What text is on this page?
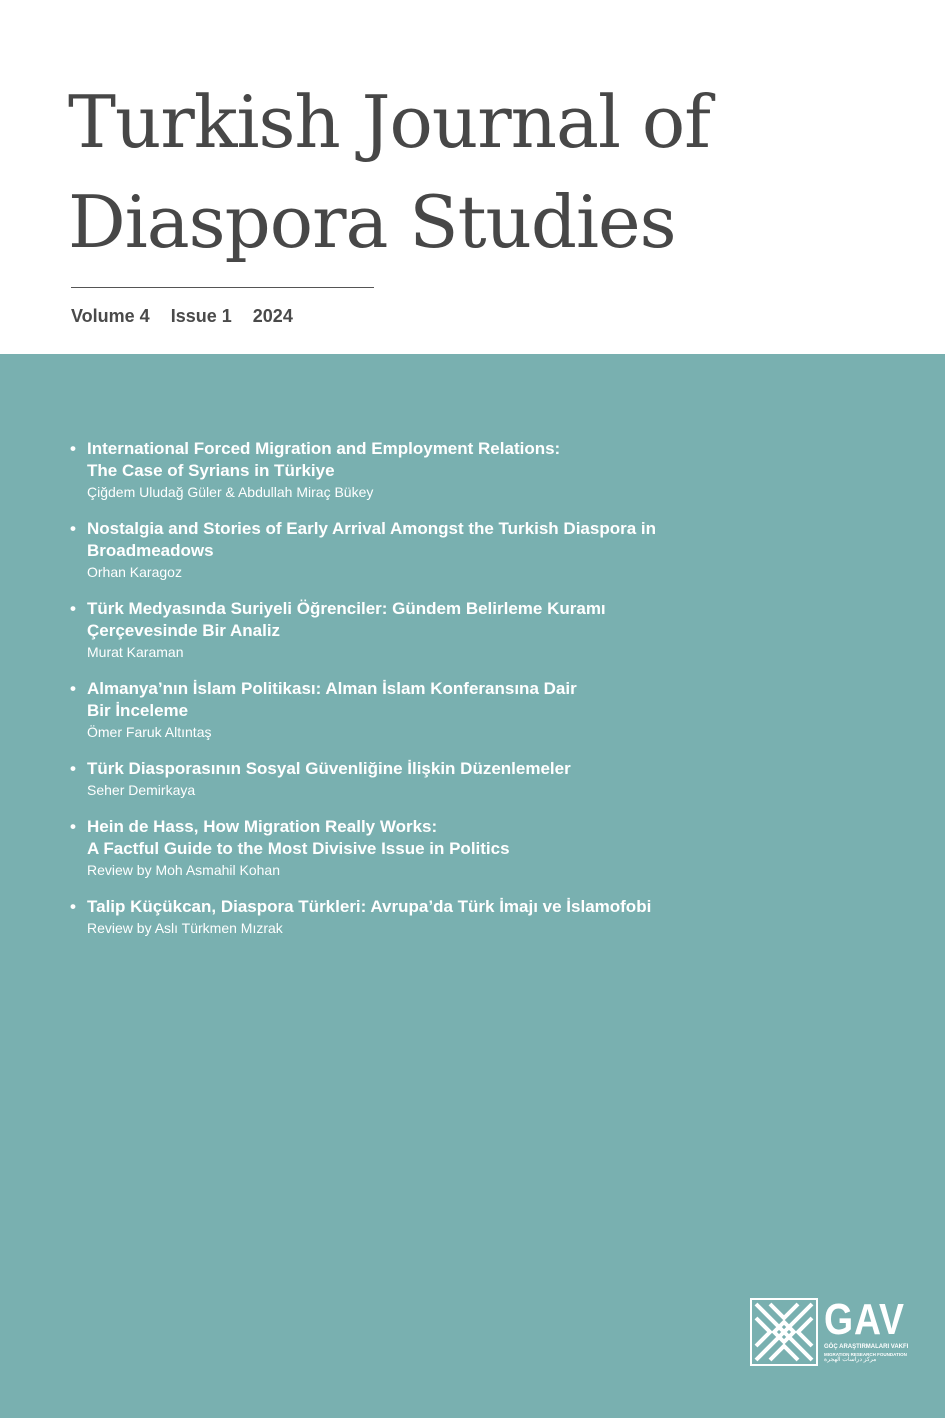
Turkish Journal of
Diaspora Studies
Volume 4 Issue 1 2024
• International Forced Migration and Employment Relations:
The Case of Syrians in Türkiye
Çiğdem Uludağ Güler & Abdullah Miraç Bükey
• Nostalgia and Stories of Early Arrival Amongst the Turkish Diaspora in
Broadmeadows
Orhan Karagoz
• Türk Medyasında Suriyeli Öğrenciler: Gündem Belirleme Kuramı
Çerçevesinde Bir Analiz
Murat Karaman
• Almanya’nın İslam Politikası: Alman İslam Konferansına Dair
Bir İnceleme
Ömer Faruk Altıntaş
• Türk Diasporasının Sosyal Güvenliğine İlişkin Düzenlemeler
Seher Demirkaya
• Hein de Hass, How Migration Really Works:
A Factful Guide to the Most Divisive Issue in Politics
Review by Moh Asmahil Kohan
• Talip Küçükcan, Diaspora Türkleri: Avrupa’da Türk İmajı ve İslamofobi
Review by Aslı Türkmen Mızrak
GAV
GÖÇ ARAŞTIRMALARI VAKFI
MIGRATION RESEARCH FOUNDATION
مركز دراسات الهجرة
